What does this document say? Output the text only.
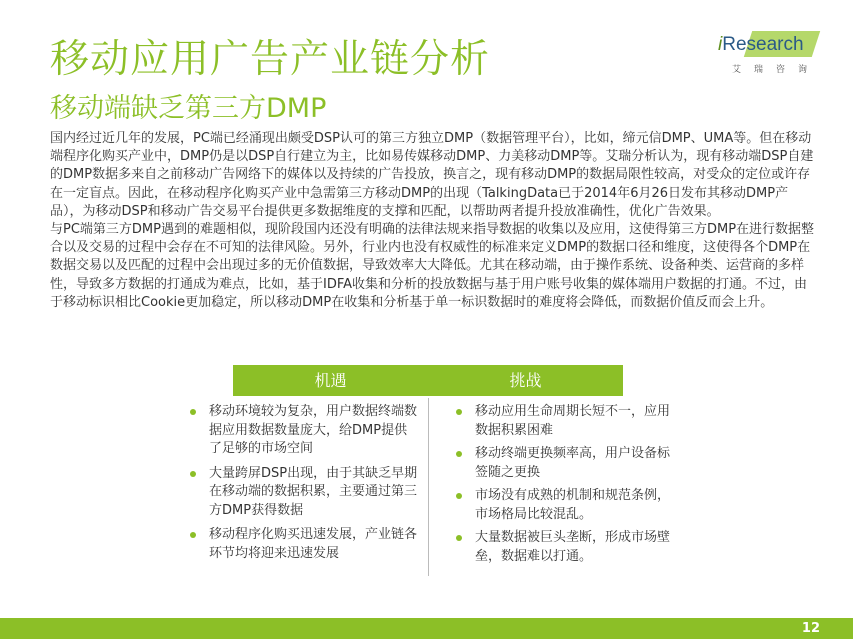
移动应用广告产业链分析
移动端缺乏第三方DMP
iResearch
艾瑞咨询

国内经过近几年的发展，PC端已经涌现出颇受DSP认可的第三方独立DMP（数据管理平台），比如，缔元信DMP、UMA等。但在移动端程序化购买产业中，DMP仍是以DSP自行建立为主，比如易传媒移动DMP、力美移动DMP等。艾瑞分析认为，现有移动端DSP自建的DMP数据多来自之前移动广告网络下的媒体以及持续的广告投放，换言之，现有移动DMP的数据局限性较高，对受众的定位或许存在一定盲点。因此，在移动程序化购买产业中急需第三方移动DMP的出现（TalkingData已于2014年6月26日发布其移动DMP产品），为移动DSP和移动广告交易平台提供更多数据维度的支撑和匹配，以帮助两者提升投放准确性，优化广告效果。

与PC端第三方DMP遇到的难题相似，现阶段国内还没有明确的法律法规来指导数据的收集以及应用，这使得第三方DMP在进行数据整合以及交易的过程中会存在不可知的法律风险。另外，行业内也没有权威性的标准来定义DMP的数据口径和维度，这使得各个DMP在数据交易以及匹配的过程中会出现过多的无价值数据，导致效率大大降低。尤其在移动端，由于操作系统、设备种类、运营商的多样性，导致多方数据的打通成为难点，比如，基于IDFA收集和分析的投放数据与基于用户账号收集的媒体端用户数据的打通。不过，由于移动标识相比Cookie更加稳定，所以移动DMP在收集和分析基于单一标识数据时的难度将会降低，而数据价值反而会上升。

机遇	挑战
移动环境较为复杂，用户数据终端数据应用数据数量庞大，给DMP提供了足够的市场空间
大量跨屏DSP出现，由于其缺乏早期在移动端的数据积累，主要通过第三方DMP获得数据
移动程序化购买迅速发展，产业链各环节均将迎来迅速发展
移动应用生命周期长短不一，应用数据积累困难
移动终端更换频率高，用户设备标签随之更换
市场没有成熟的机制和规范条例，市场格局比较混乱。
大量数据被巨头垄断，形成市场壁垒，数据难以打通。
12
